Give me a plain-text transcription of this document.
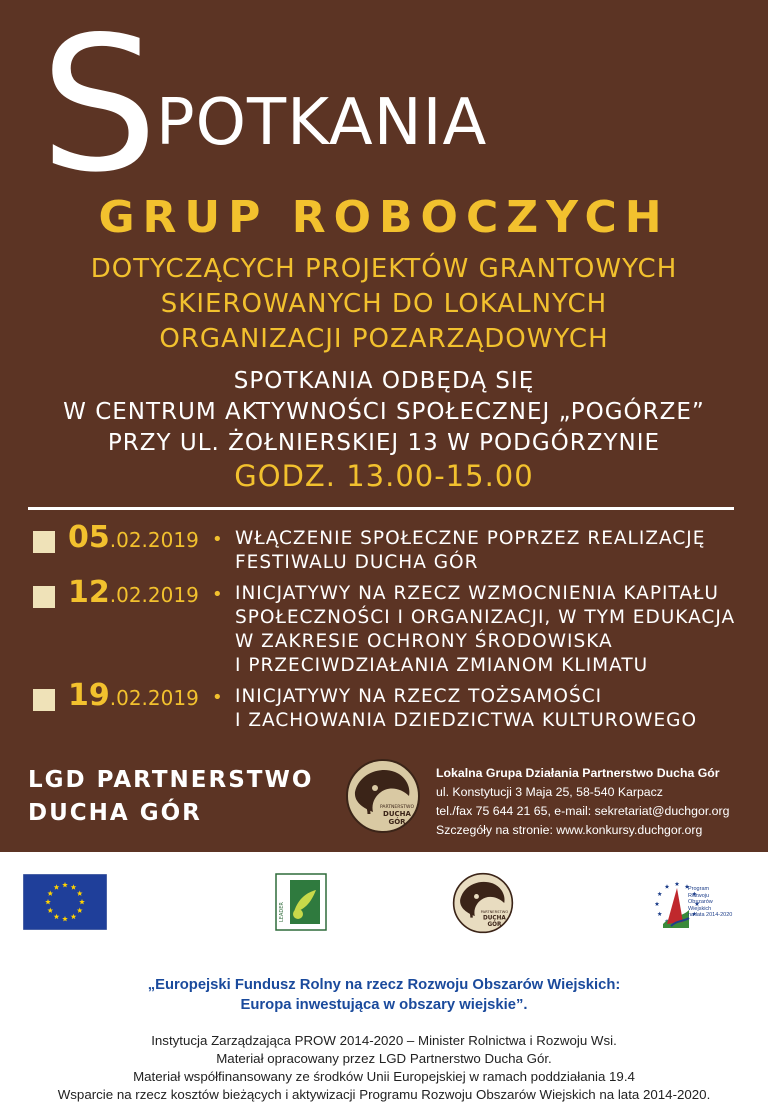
S
POTKANIA
GRUP ROBOCZYCH
DOTYCZĄCYCH PROJEKTÓW GRANTOWYCH
SKIEROWANYCH DO LOKALNYCH
ORGANIZACJI POZARZĄDOWYCH
SPOTKANIA ODBĘDĄ SIĘ
W CENTRUM AKTYWNOŚCI SPOŁECZNEJ „POGÓRZE”
PRZY UL. ŻOŁNIERSKIEJ 13 W PODGÓRZYNIE
GODZ. 13.00-15.00
05.02.2019 • WŁĄCZENIE SPOŁECZNE POPRZEZ REALIZACJĘ
FESTIWALU DUCHA GÓR
12.02.2019 • INICJATYWY NA RZECZ WZMOCNIENIA KAPITAŁU
SPOŁECZNOŚCI I ORGANIZACJI, W TYM EDUKACJA
W ZAKRESIE OCHRONY ŚRODOWISKA
I PRZECIWDZIAŁANIA ZMIANOM KLIMATU
19.02.2019 • INICJATYWY NA RZECZ TOŻSAMOŚCI
I ZACHOWANIA DZIEDZICTWA KULTUROWEGO
LGD PARTNERSTWO
DUCHA GÓR	PARTNERSTWO
DUCHA
GÓR
Lokalna Grupa Działania Partnerstwo Ducha Gór
ul. Konstytucji 3 Maja 25, 58-540 Karpacz
tel./fax 75 644 21 65, e-mail: sekretariat@duchgor.org
Szczegóły na stronie: www.konkursy.duchgor.org
LEADER	PARTNERSTWO
DUCHA
GÓR
Program
Rozwoju
Obszarów
Wiejskich
na lata 2014-2020
„Europejski Fundusz Rolny na rzecz Rozwoju Obszarów Wiejskich:
Europa inwestująca w obszary wiejskie”.
Instytucja Zarządzająca PROW 2014-2020 – Minister Rolnictwa i Rozwoju Wsi.
Materiał opracowany przez LGD Partnerstwo Ducha Gór.
Materiał współfinansowany ze środków Unii Europejskiej w ramach poddziałania 19.4
Wsparcie na rzecz kosztów bieżących i aktywizacji Programu Rozwoju Obszarów Wiejskich na lata 2014-2020.
